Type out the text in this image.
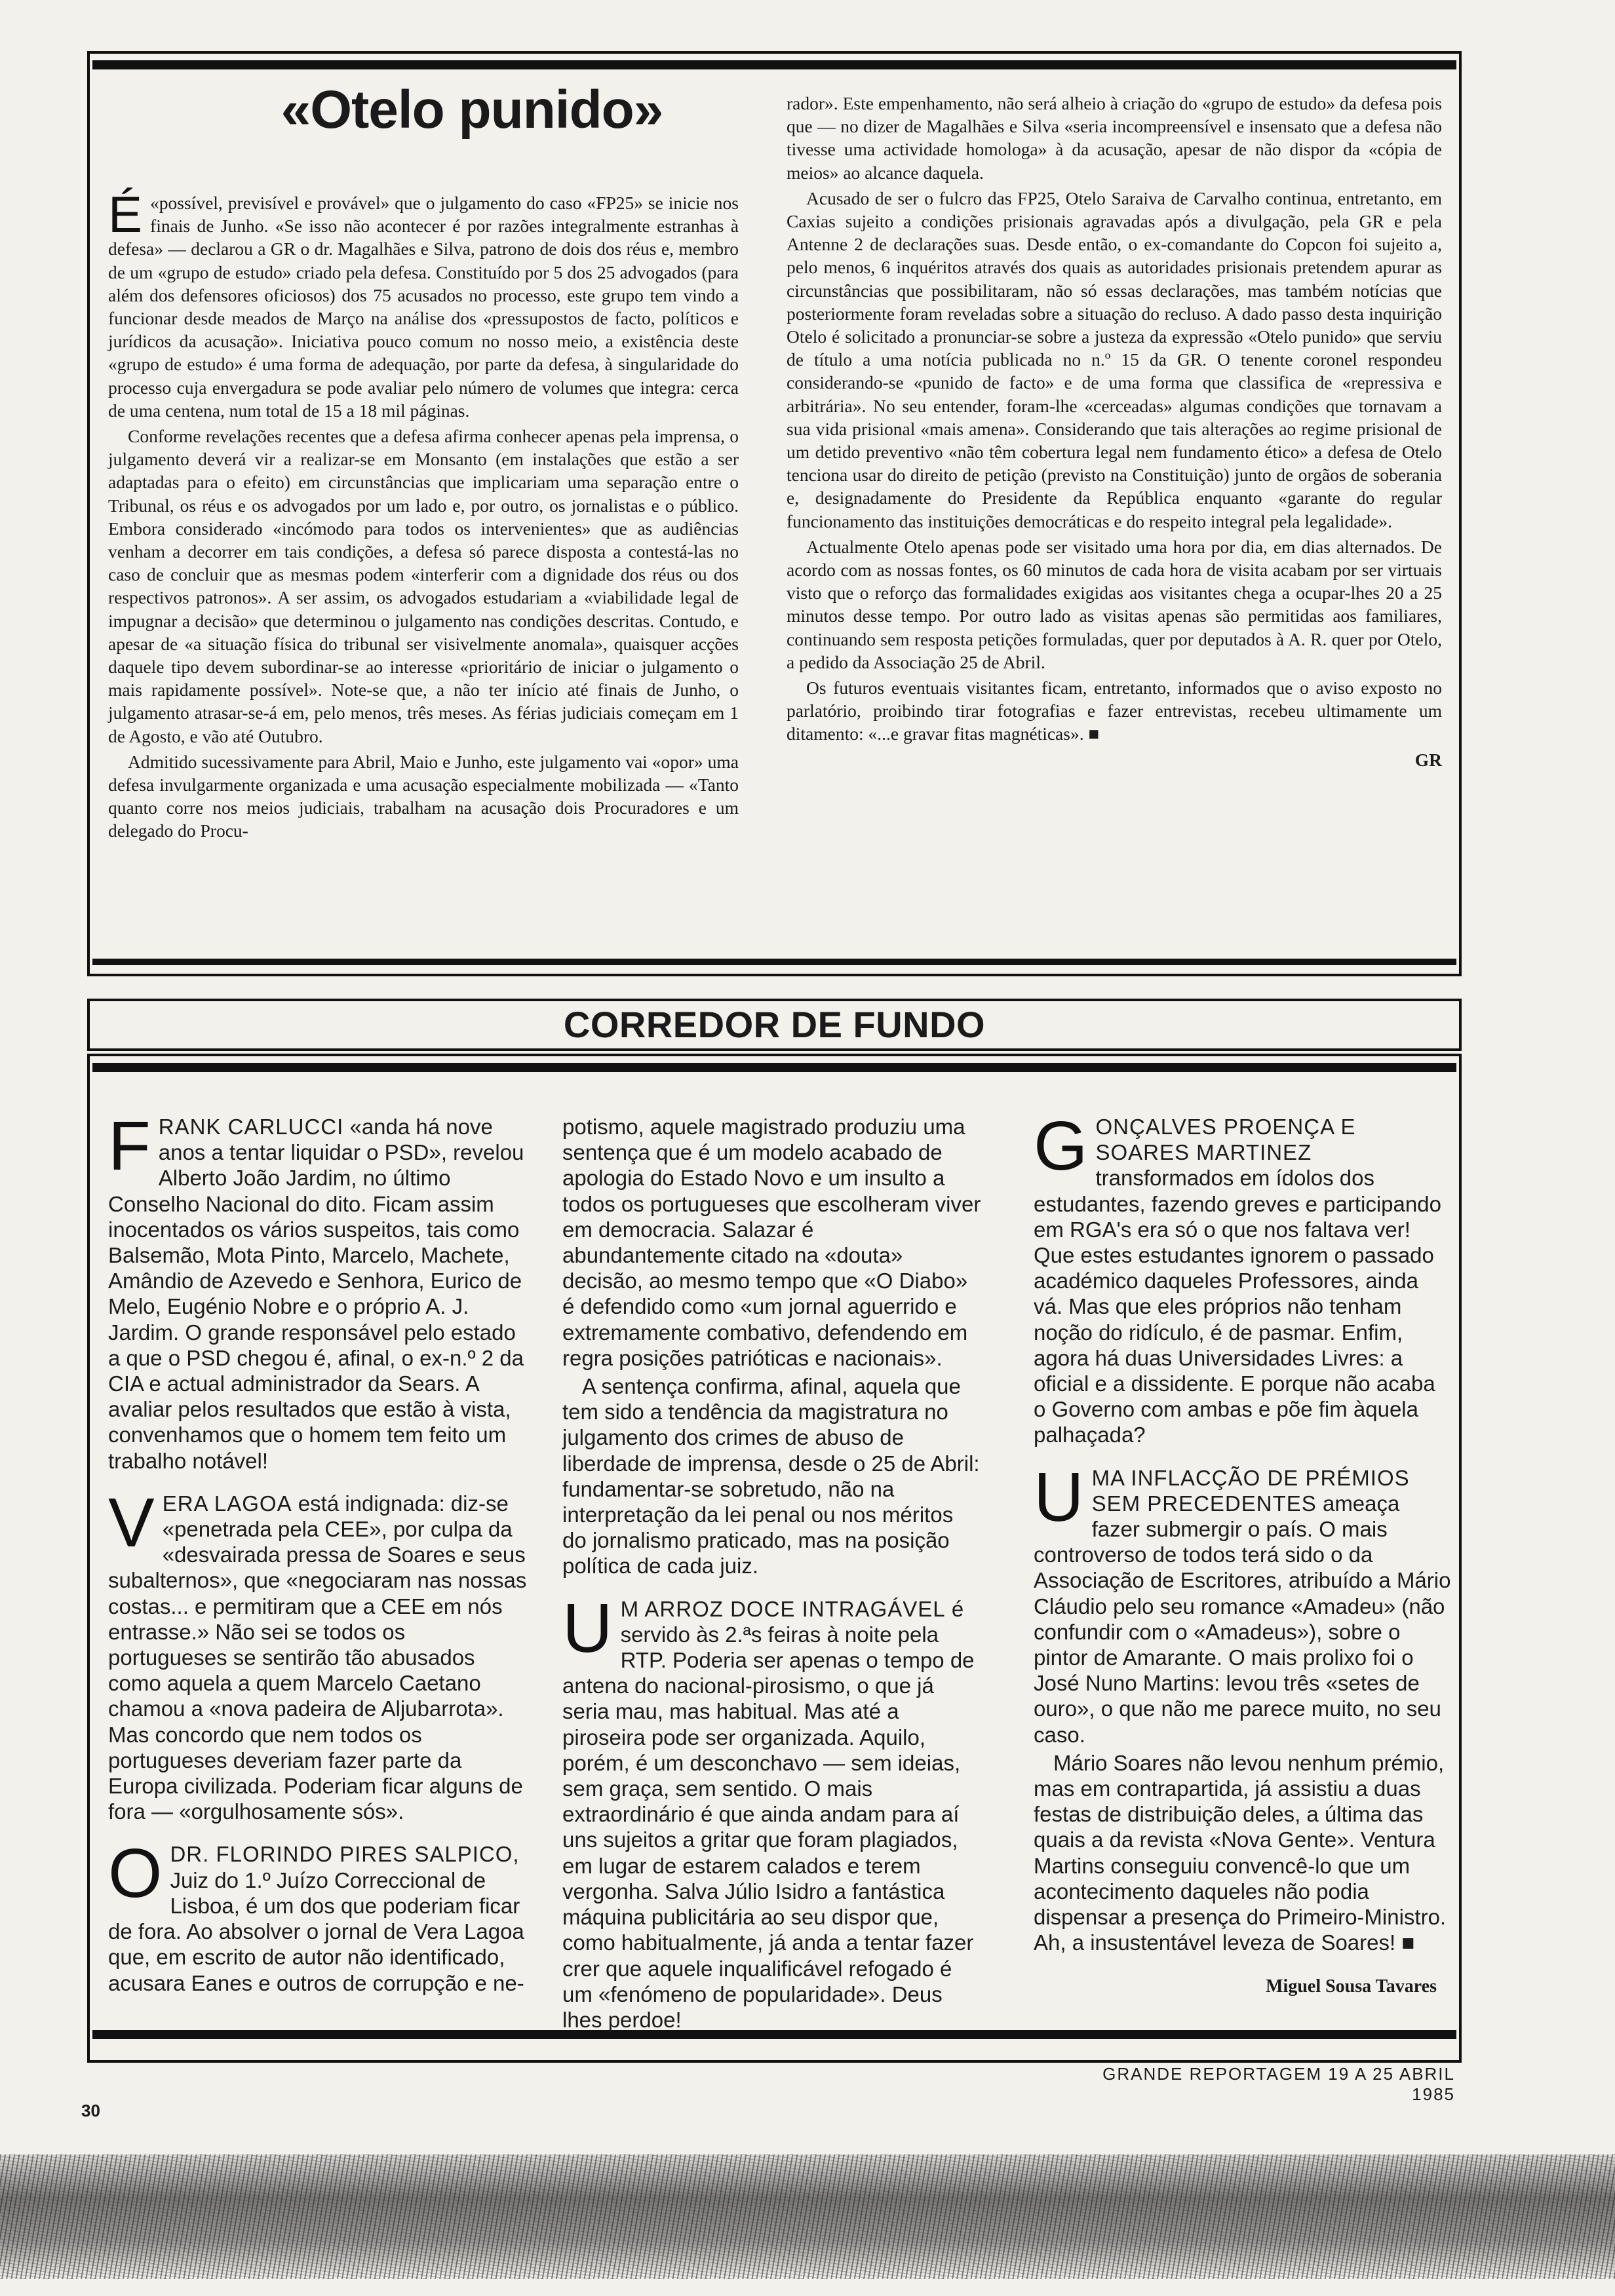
«Otelo punido»
É «possível, previsível e provável» que o julgamento do caso «FP25» se inicie nos finais de Junho. «Se isso não acontecer é por razões integralmente estranhas à defesa» — declarou a GR o dr. Magalhães e Silva, patrono de dois dos réus e, membro de um «grupo de estudo» criado pela defesa. Constituído por 5 dos 25 advogados (para além dos defensores oficiosos) dos 75 acusados no processo, este grupo tem vindo a funcionar desde meados de Março na análise dos «pressupostos de facto, políticos e jurídicos da acusação». Iniciativa pouco comum no nosso meio, a existência deste «grupo de estudo» é uma forma de adequação, por parte da defesa, à singularidade do processo cuja envergadura se pode avaliar pelo número de volumes que integra: cerca de uma centena, num total de 15 a 18 mil páginas.

Conforme revelações recentes que a defesa afirma conhecer apenas pela imprensa, o julgamento deverá vir a realizar-se em Monsanto (em instalações que estão a ser adaptadas para o efeito) em circunstâncias que implicariam uma separação entre o Tribunal, os réus e os advogados por um lado e, por outro, os jornalistas e o público. Embora considerado «incómodo para todos os intervenientes» que as audiências venham a decorrer em tais condições, a defesa só parece disposta a contestá-las no caso de concluir que as mesmas podem «interferir com a dignidade dos réus ou dos respectivos patronos». A ser assim, os advogados estudariam a «viabilidade legal de impugnar a decisão» que determinou o julgamento nas condições descritas. Contudo, e apesar de «a situação física do tribunal ser visivelmente anomala», quaisquer acções daquele tipo devem subordinar-se ao interesse «prioritário de iniciar o julgamento o mais rapidamente possível». Note-se que, a não ter início até finais de Junho, o julgamento atrasar-se-á em, pelo menos, três meses. As férias judiciais começam em 1 de Agosto, e vão até Outubro.

Admitido sucessivamente para Abril, Maio e Junho, este julgamento vai «opor» uma defesa invulgarmente organizada e uma acusação especialmente mobilizada — «Tanto quanto corre nos meios judiciais, trabalham na acusação dois Procuradores e um delegado do Procu-

rador». Este empenhamento, não será alheio à criação do «grupo de estudo» da defesa pois que — no dizer de Magalhães e Silva «seria incompreensível e insensato que a defesa não tivesse uma actividade homologa» à da acusação, apesar de não dispor da «cópia de meios» ao alcance daquela.

Acusado de ser o fulcro das FP25, Otelo Saraiva de Carvalho continua, entretanto, em Caxias sujeito a condições prisionais agravadas após a divulgação, pela GR e pela Antenne 2 de declarações suas. Desde então, o ex-comandante do Copcon foi sujeito a, pelo menos, 6 inquéritos através dos quais as autoridades prisionais pretendem apurar as circunstâncias que possibilitaram, não só essas declarações, mas também notícias que posteriormente foram reveladas sobre a situação do recluso. A dado passo desta inquirição Otelo é solicitado a pronunciar-se sobre a justeza da expressão «Otelo punido» que serviu de título a uma notícia publicada no n.º 15 da GR. O tenente coronel respondeu considerando-se «punido de facto» e de uma forma que classifica de «repressiva e arbitrária». No seu entender, foram-lhe «cerceadas» algumas condições que tornavam a sua vida prisional «mais amena». Considerando que tais alterações ao regime prisional de um detido preventivo «não têm cobertura legal nem fundamento ético» a defesa de Otelo tenciona usar do direito de petição (previsto na Constituição) junto de orgãos de soberania e, designadamente do Presidente da República enquanto «garante do regular funcionamento das instituições democráticas e do respeito integral pela legalidade».

Actualmente Otelo apenas pode ser visitado uma hora por dia, em dias alternados. De acordo com as nossas fontes, os 60 minutos de cada hora de visita acabam por ser virtuais visto que o reforço das formalidades exigidas aos visitantes chega a ocupar-lhes 20 a 25 minutos desse tempo. Por outro lado as visitas apenas são permitidas aos familiares, continuando sem resposta petições formuladas, quer por deputados à A. R. quer por Otelo, a pedido da Associação 25 de Abril.

Os futuros eventuais visitantes ficam, entretanto, informados que o aviso exposto no parlatório, proibindo tirar fotografias e fazer entrevistas, recebeu ultimamente um ditamento: «...e gravar fitas magnéticas». ■

GR
CORREDOR DE FUNDO
F RANK CARLUCCI «anda há nove anos a tentar liquidar o PSD», revelou Alberto João Jardim, no último Conselho Nacional do dito. Ficam assim inocentados os vários suspeitos, tais como Balsemão, Mota Pinto, Marcelo, Machete, Amândio de Azevedo e Senhora, Eurico de Melo, Eugénio Nobre e o próprio A. J. Jardim. O grande responsável pelo estado a que o PSD chegou é, afinal, o ex-n.º 2 da CIA e actual administrador da Sears. A avaliar pelos resultados que estão à vista, convenhamos que o homem tem feito um trabalho notável!

V ERA LAGOA está indignada: diz-se «penetrada pela CEE», por culpa da «desvairada pressa de Soares e seus subalternos», que «negociaram nas nossas costas... e permitiram que a CEE em nós entrasse.» Não sei se todos os portugueses se sentirão tão abusados como aquela a quem Marcelo Caetano chamou a «nova padeira de Aljubarrota». Mas concordo que nem todos os portugueses deveriam fazer parte da Europa civilizada. Poderiam ficar alguns de fora — «orgulhosamente sós».

O DR. FLORINDO PIRES SALPICO, Juiz do 1.º Juízo Correccional de Lisboa, é um dos que poderiam ficar de fora. Ao absolver o jornal de Vera Lagoa que, em escrito de autor não identificado, acusara Eanes e outros de corrupção e ne-

potismo, aquele magistrado produziu uma sentença que é um modelo acabado de apologia do Estado Novo e um insulto a todos os portugueses que escolheram viver em democracia. Salazar é abundantemente citado na «douta» decisão, ao mesmo tempo que «O Diabo» é defendido como «um jornal aguerrido e extremamente combativo, defendendo em regra posições patrióticas e nacionais».

A sentença confirma, afinal, aquela que tem sido a tendência da magistratura no julgamento dos crimes de abuso de liberdade de imprensa, desde o 25 de Abril: fundamentar-se sobretudo, não na interpretação da lei penal ou nos méritos do jornalismo praticado, mas na posição política de cada juiz.

U M ARROZ DOCE INTRAGÁVEL é servido às 2.ªs feiras à noite pela RTP. Poderia ser apenas o tempo de antena do nacional-pirosismo, o que já seria mau, mas habitual. Mas até a piroseira pode ser organizada. Aquilo, porém, é um desconchavo — sem ideias, sem graça, sem sentido. O mais extraordinário é que ainda andam para aí uns sujeitos a gritar que foram plagiados, em lugar de estarem calados e terem vergonha. Salva Júlio Isidro a fantástica máquina publicitária ao seu dispor que, como habitualmente, já anda a tentar fazer crer que aquele inqualificável refogado é um «fenómeno de popularidade». Deus lhes perdoe!

G ONÇALVES PROENÇA E SOARES MARTINEZ transformados em ídolos dos estudantes, fazendo greves e participando em RGA's era só o que nos faltava ver! Que estes estudantes ignorem o passado académico daqueles Professores, ainda vá. Mas que eles próprios não tenham noção do ridículo, é de pasmar. Enfim, agora há duas Universidades Livres: a oficial e a dissidente. E porque não acaba o Governo com ambas e põe fim àquela palhaçada?

U MA INFLACÇÃO DE PRÉMIOS SEM PRECEDENTES ameaça fazer submergir o país. O mais controverso de todos terá sido o da Associação de Escritores, atribuído a Mário Cláudio pelo seu romance «Amadeu» (não confundir com o «Amadeus»), sobre o pintor de Amarante. O mais prolixo foi o José Nuno Martins: levou três «setes de ouro», o que não me parece muito, no seu caso.

Mário Soares não levou nenhum prémio, mas em contrapartida, já assistiu a duas festas de distribuição deles, a última das quais a da revista «Nova Gente». Ventura Martins conseguiu convencê-lo que um acontecimento daqueles não podia dispensar a presença do Primeiro-Ministro. Ah, a insustentável leveza de Soares! ■

Miguel Sousa Tavares
30
GRANDE REPORTAGEM 19 A 25 ABRIL 1985
